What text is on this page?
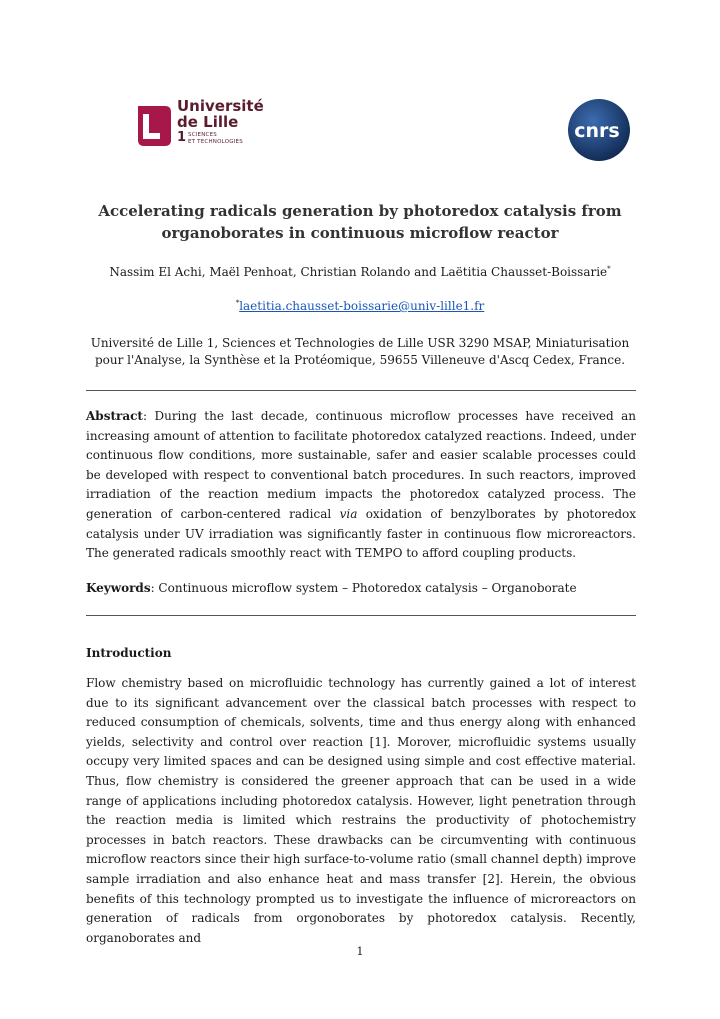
Université
de Lille
1 SCIENCES
ET TECHNOLOGIES	cnrs
Accelerating radicals generation by photoredox catalysis from
organoborates in continuous microflow reactor
Nassim El Achi, Maël Penhoat, Christian Rolando and Laëtitia Chausset-Boissarie*
*laetitia.chausset-boissarie@univ-lille1.fr
Université de Lille 1, Sciences et Technologies de Lille USR 3290 MSAP, Miniaturisation
pour l'Analyse, la Synthèse et la Protéomique, 59655 Villeneuve d'Ascq Cedex, France.
Abstract: During the last decade, continuous microflow processes have received an increasing amount of attention to facilitate photoredox catalyzed reactions. Indeed, under continuous flow conditions, more sustainable, safer and easier scalable processes could be developed with respect to conventional batch procedures. In such reactors, improved irradiation of the reaction medium impacts the photoredox catalyzed process. The generation of carbon-centered radical via oxidation of benzylborates by photoredox catalysis under UV irradiation was significantly faster in continuous flow microreactors. The generated radicals smoothly react with TEMPO to afford coupling products.
Keywords: Continuous microflow system – Photoredox catalysis – Organoborate
Introduction
Flow chemistry based on microfluidic technology has currently gained a lot of interest due to its significant advancement over the classical batch processes with respect to reduced consumption of chemicals, solvents, time and thus energy along with enhanced yields, selectivity and control over reaction [1]. Morover, microfluidic systems usually occupy very limited spaces and can be designed using simple and cost effective material. Thus, flow chemistry is considered the greener approach that can be used in a wide range of applications including photoredox catalysis. However, light penetration through the reaction media is limited which restrains the productivity of photochemistry processes in batch reactors. These drawbacks can be circumventing with continuous microflow reactors since their high surface-to-volume ratio (small channel depth) improve sample irradiation and also enhance heat and mass transfer [2]. Herein, the obvious benefits of this technology prompted us to investigate the influence of microreactors on generation of radicals from orgonoborates by photoredox catalysis. Recently, organoborates and
1
